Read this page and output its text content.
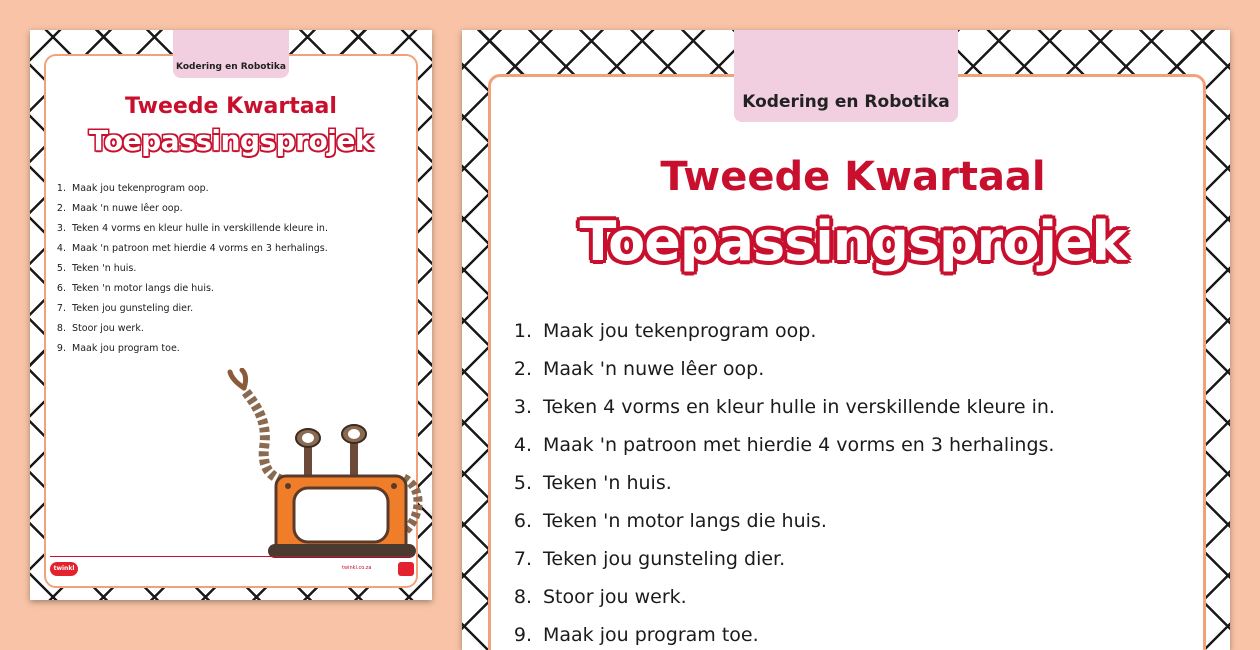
Kodering en Robotika
Tweede Kwartaal
Toepassingsprojek
1. Maak jou tekenprogram oop.
2. Maak 'n nuwe lêer oop.
3. Teken 4 vorms en kleur hulle in verskillende kleure in.
4. Maak 'n patroon met hierdie 4 vorms en 3 herhalings.
5. Teken 'n huis.
6. Teken 'n motor langs die huis.
7. Teken jou gunsteling dier.
8. Stoor jou werk.
9. Maak jou program toe.
twinkl	twinkl.co.za
Kodering en Robotika
Tweede Kwartaal
Toepassingsprojek
1. Maak jou tekenprogram oop.
2. Maak 'n nuwe lêer oop.
3. Teken 4 vorms en kleur hulle in verskillende kleure in.
4. Maak 'n patroon met hierdie 4 vorms en 3 herhalings.
5. Teken 'n huis.
6. Teken 'n motor langs die huis.
7. Teken jou gunsteling dier.
8. Stoor jou werk.
9. Maak jou program toe.
